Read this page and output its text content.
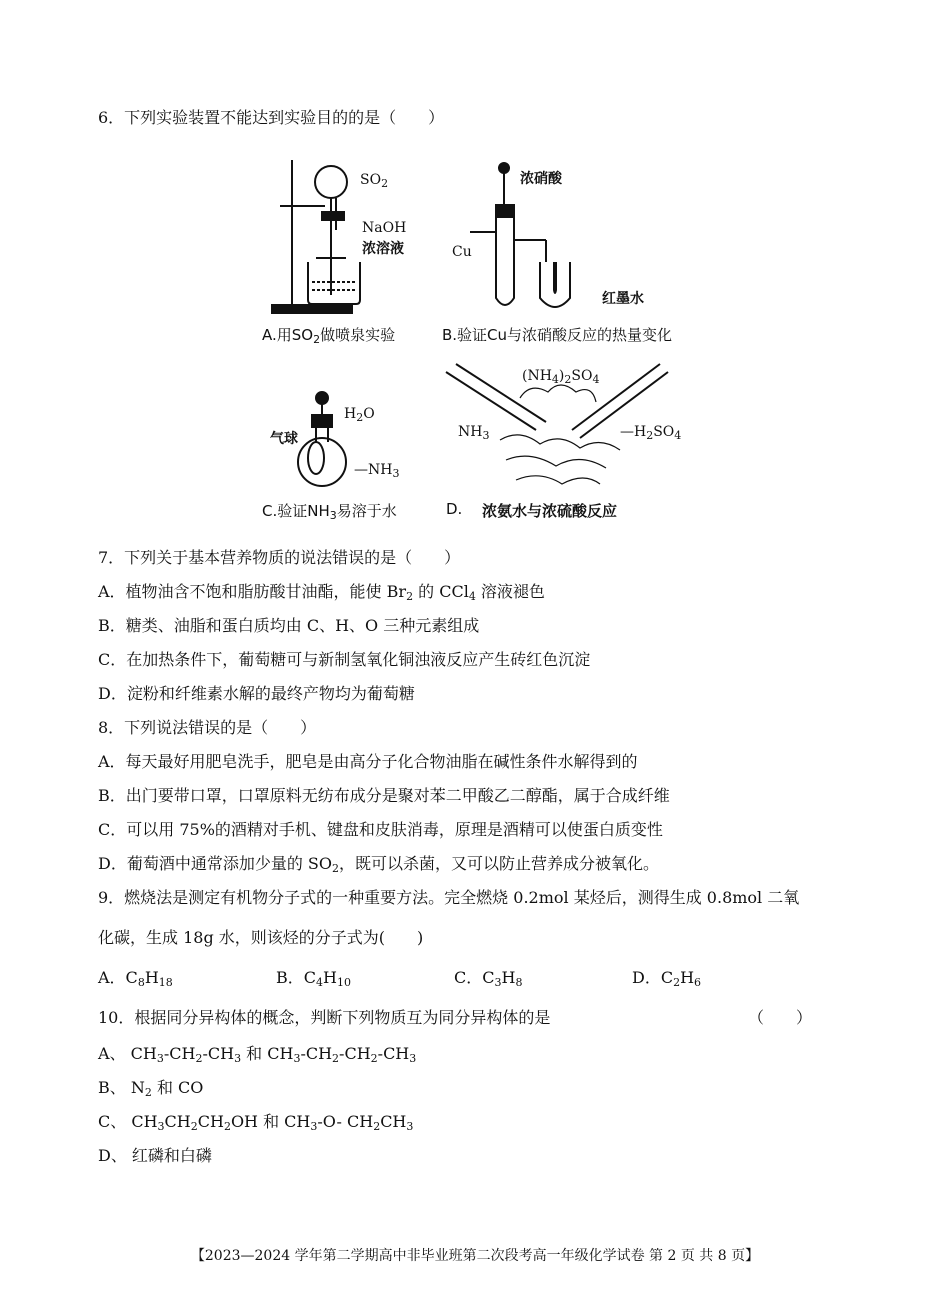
6．下列实验装置不能达到实验目的的是（　　）
$SO_2$
NaOH
浓溶液
A.用$SO_2$做喷泉实验
浓硝酸
Cu
红墨水
B.验证Cu与浓硝酸反应的热量变化
$H_2O$
气球
$—NH_3$
C.验证$NH_3$易溶于水
$(NH_4)_2SO_4$
$NH_3$	$—H_2SO_4$
D. 浓氨水与浓硫酸反应
7．下列关于基本营养物质的说法错误的是（　　）
A．植物油含不饱和脂肪酸甘油酯，能使 $Br_2$ 的 CCl$_4$ 溶液褪色
B．糖类、油脂和蛋白质均由 C、H、O 三种元素组成
C．在加热条件下，葡萄糖可与新制氢氧化铜浊液反应产生砖红色沉淀
D．淀粉和纤维素水解的最终产物均为葡萄糖
8．下列说法错误的是（　　）
A．每天最好用肥皂洗手，肥皂是由高分子化合物油脂在碱性条件水解得到的
B．出门要带口罩，口罩原料无纺布成分是聚对苯二甲酸乙二醇酯，属于合成纤维
C．可以用 75%的酒精对手机、键盘和皮肤消毒，原理是酒精可以使蛋白质变性
D．葡萄酒中通常添加少量的 $SO_2$，既可以杀菌，又可以防止营养成分被氧化。
9．燃烧法是测定有机物分子式的一种重要方法。完全燃烧 0.2mol 某烃后，测得生成 0.8mol 二氧
化碳，生成 18g 水，则该烃的分子式为(　　)
A．$C_8H_{18}$	B．$C_4H_{10}$	C．$C_3H_8$	D．$C_2H_6$
10．根据同分异构体的概念，判断下列物质互为同分异构体的是	（　　）
A、 $CH_3-CH_2-CH_3$ 和 $CH_3-CH_2-CH_2-CH_3$
B、 $N_2$ 和 CO
C、 $CH_3CH_2CH_2OH$ 和 $CH_3-O-$ $CH_2CH_3$
D、 红磷和白磷
【2023—2024 学年第二学期高中非毕业班第二次段考高一年级化学试卷 第 2 页 共 8 页】
